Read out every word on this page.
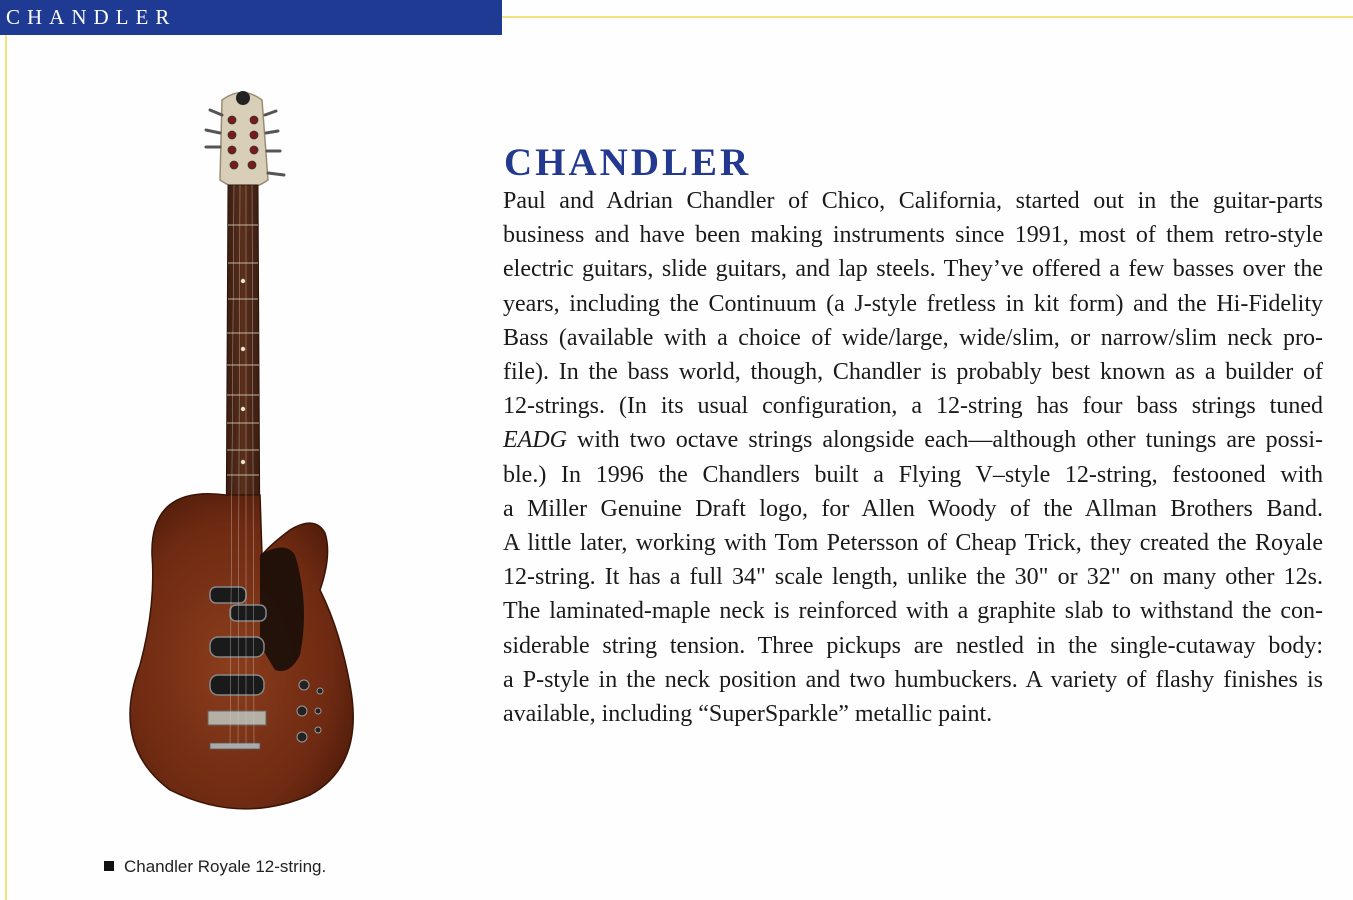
CHANDLER
CHANDLER
Paul and Adrian Chandler of Chico, California, started out in the guitar-parts
business and have been making instruments since 1991, most of them retro-style
electric guitars, slide guitars, and lap steels. They’ve offered a few basses over the
years, including the Continuum (a J-style fretless in kit form) and the Hi-Fidelity
Bass (available with a choice of wide/large, wide/slim, or narrow/slim neck pro-
file). In the bass world, though, Chandler is probably best known as a builder of
12-strings. (In its usual configuration, a 12-string has four bass strings tuned
EADG with two octave strings alongside each—although other tunings are possi-
ble.) In 1996 the Chandlers built a Flying V–style 12-string, festooned with
a Miller Genuine Draft logo, for Allen Woody of the Allman Brothers Band.
A little later, working with Tom Petersson of Cheap Trick, they created the Royale
12-string. It has a full 34" scale length, unlike the 30" or 32" on many other 12s.
The laminated-maple neck is reinforced with a graphite slab to withstand the con-
siderable string tension. Three pickups are nestled in the single-cutaway body:
a P-style in the neck position and two humbuckers. A variety of flashy finishes is
available, including “SuperSparkle” metallic paint.
Chandler Royale 12-string.
